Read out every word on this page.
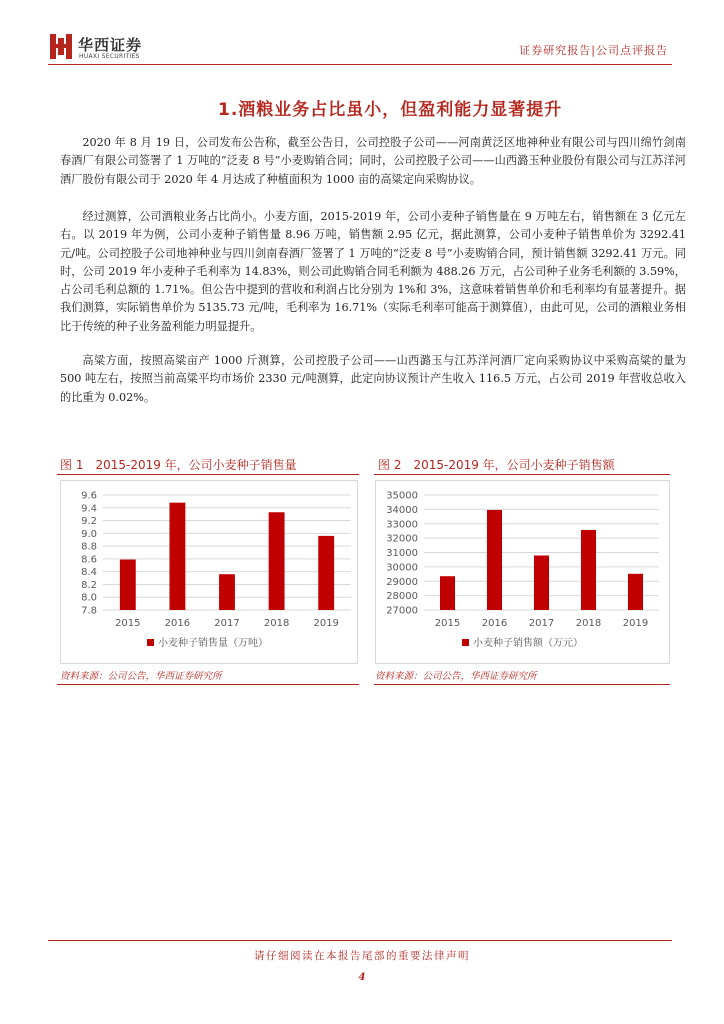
华西证券
HUAXI SECURITIES	证券研究报告|公司点评报告
1.酒粮业务占比虽小，但盈利能力显著提升

2020 年 8 月 19 日，公司发布公告称，截至公告日，公司控股子公司——河南黄泛区地神种业有限公司与四川绵竹剑南春酒厂有限公司签署了 1 万吨的“泛麦 8 号”小麦购销合同；同时，公司控股子公司——山西潞玉种业股份有限公司与江苏洋河酒厂股份有限公司于 2020 年 4 月达成了种植面积为 1000 亩的高粱定向采购协议。

经过测算，公司酒粮业务占比尚小。小麦方面，2015-2019 年，公司小麦种子销售量在 9 万吨左右，销售额在 3 亿元左右。以 2019 年为例，公司小麦种子销售量 8.96 万吨，销售额 2.95 亿元，据此测算，公司小麦种子销售单价为 3292.41 元/吨。公司控股子公司地神种业与四川剑南春酒厂签署了 1 万吨的“泛麦 8 号”小麦购销合同，预计销售额 3292.41 万元。同时，公司 2019 年小麦种子毛利率为 14.83%，则公司此购销合同毛利额为 488.26 万元，占公司种子业务毛利额的 3.59%，占公司毛利总额的 1.71%。但公告中提到的营收和利润占比分别为 1%和 3%，这意味着销售单价和毛利率均有显著提升。据我们测算，实际销售单价为 5135.73 元/吨，毛利率为 16.71%（实际毛利率可能高于测算值），由此可见，公司的酒粮业务相比于传统的种子业务盈利能力明显提升。

高粱方面，按照高粱亩产 1000 斤测算，公司控股子公司——山西潞玉与江苏洋河酒厂定向采购协议中采购高粱的量为 500 吨左右，按照当前高粱平均市场价 2330 元/吨测算，此定向协议预计产生收入 116.5 万元，占公司 2019 年营收总收入的比重为 0.02%。

图 1　2015-2019 年，公司小麦种子销售量
9.6
9.4
9.2
9.0
8.8
8.6
8.4
8.2
8.0
7.8
2015 2016 2017 2018 2019
小麦种子销售量（万吨）
资料来源：公司公告，华西证券研究所
图 2　2015-2019 年，公司小麦种子销售额
35000
34000
33000
32000
31000
30000
29000
28000
27000
2015 2016 2017 2018 2019
小麦种子销售额（万元）
资料来源：公司公告，华西证券研究所
请仔细阅读在本报告尾部的重要法律声明
4
